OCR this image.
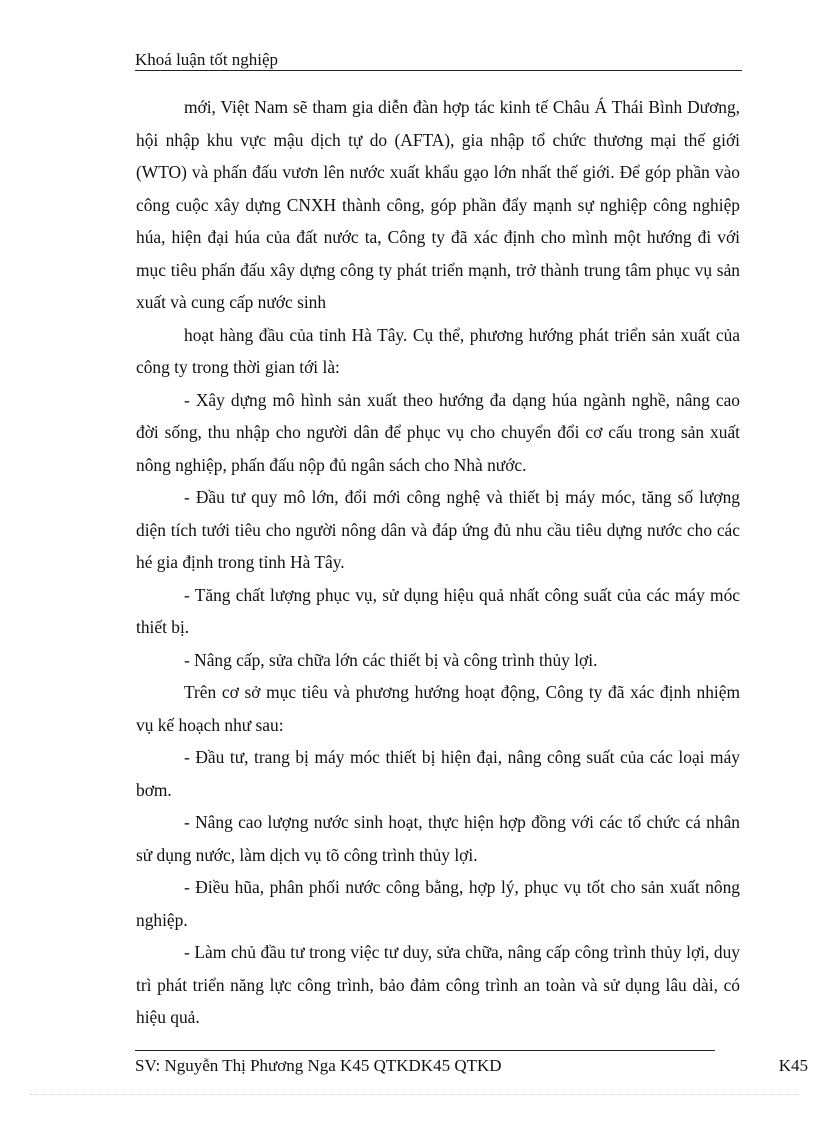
Khoá luận tốt nghiệp

mới, Việt Nam sẽ tham gia diễn đàn hợp tác kinh tế Châu Á Thái Bình Dương, hội nhập khu vực mậu dịch tự do (AFTA), gia nhập tổ chức thương mại thế giới (WTO) và phấn đấu vươn lên nước xuất khẩu gạo lớn nhất thế giới. Để góp phần vào công cuộc xây dựng CNXH thành công, góp phần đẩy mạnh sự nghiệp công nghiệp húa, hiện đại húa của đất nước ta, Công ty đã xác định cho mình một hướng đi với mục tiêu phấn đấu xây dựng công ty phát triển mạnh, trở thành trung tâm phục vụ sản xuất và cung cấp nước sinh

hoạt hàng đầu của tỉnh Hà Tây. Cụ thể, phương hướng phát triển sản xuất của công ty trong thời gian tới là:

- Xây dựng mô hình sản xuất theo hướng đa dạng húa ngành nghề, nâng cao đời sống, thu nhập cho người dân để phục vụ cho chuyển đổi cơ cấu trong sản xuất nông nghiệp, phấn đấu nộp đủ ngân sách cho Nhà nước.

- Đầu tư quy mô lớn, đổi mới công nghệ và thiết bị máy móc, tăng số lượng diện tích tưới tiêu cho người nông dân và đáp ứng đủ nhu cầu tiêu dựng nước cho các hé gia định trong tỉnh Hà Tây.

- Tăng chất lượng phục vụ, sử dụng hiệu quả nhất công suất của các máy móc thiết bị.

- Nâng cấp, sửa chữa lớn các thiết bị và công trình thủy lợi.

Trên cơ sở mục tiêu và phương hướng hoạt động, Công ty đã xác định nhiệm vụ kế hoạch như sau:

- Đầu tư, trang bị máy móc thiết bị hiện đại, nâng công suất của các loại máy bơm.

- Nâng cao lượng nước sinh hoạt, thực hiện hợp đồng với các tổ chức cá nhân sử dụng nước, làm dịch vụ tõ công trình thủy lợi.

- Điều hũa, phân phối nước công bằng, hợp lý, phục vụ tốt cho sản xuất nông nghiệp.

- Làm chủ đầu tư trong việc tư duy, sửa chữa, nâng cấp công trình thủy lợi, duy trì phát triển năng lực công trình, bảo đảm công trình an toàn và sử dụng lâu dài, có hiệu quả.

SV: Nguyễn Thị Phương Nga K45 QTKDK45 QTKD	K45
